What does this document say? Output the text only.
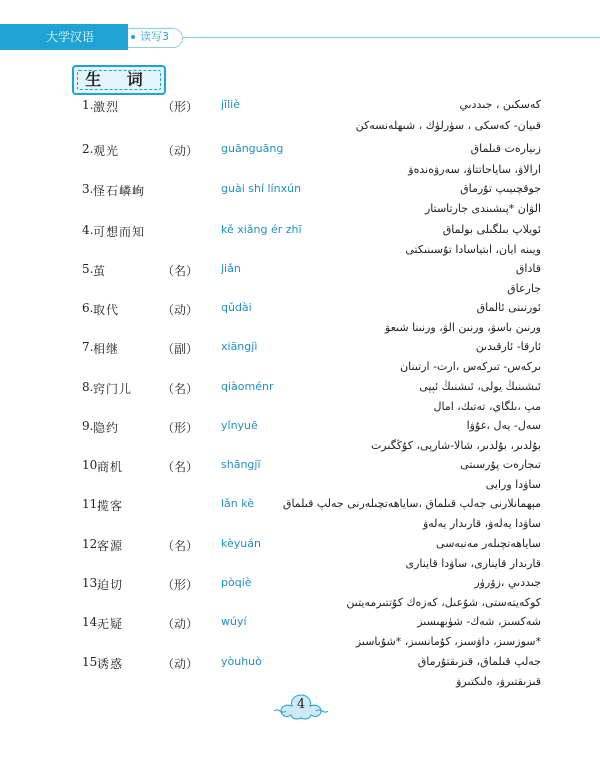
大学汉语	读写3
生 词
1. 激烈	（形） jīliè	كەسكىن ، جىددىي
قىيان- كەسكى ، سۈرلۈك ، شىھلەنسەكن
2. 观光	（动） guānguāng	زىيارەت قىلماق
ارالاۋ، ساياحاتتاۋ، سەرۋەندەۋ
3. 怪石嶙峋	guài shí línxún	جوقچىيىپ تۇرماق
الۋان *پىشىندى جارتاستار
4. 可想而知	kě xiǎng ér zhī	ئويلاپ بىلگىلى بولماق
ويىنە ايان، ابتياسادا تۇسىنىكتى
5. 茧	（名） jiǎn	قاداق
جارعاق
6. 取代	（动） qǔdài	ئورنىنى ئالماق
ورنىن باسۋ، ورنىن الۋ، ورنىنا شىعۋ
7. 相继	（副） xiāngjì	ئارقا- ئارقىدىن
ىركەس- تىركەس ،ارت- ارتىنان
8. 窍门儿 （名） qiàoménr	ئىشىنىڭ يولى، ئىشنىڭ ئېپى
مپ ،ىلگاي، تەتىك، امال
9. 隐约	（形） yǐnyuē	سەل- يەل ،غۇۋا
بۇلدىر، بۇلدىر، شالا-شارپى، كۇڭگىرت
10.
商机	（名） shāngjī	تىجارەت پۇرسىتى
ساۋدا ورايى
11.
揽客	lǎn kè	مېھمانلارنى جەلپ قىلماق ،ساياھەتچىلەرنى جەلپ قىلماق
ساۋدا يەلەۋ، قارىدار يەلەۋ
12.
客源	（名） kèyuán	ساياھەتچىلەر مەنبەسى
قارىدار قاينارى، ساۋدا قاينارى
13.
迫切	（形） pòqiè	جىددىي ،زۆرۈر
كوكەيتەستى، شۇعىل، كەزەك كۇتتىرمەيتىن
14.
无疑	（动） wúyí	شەكسىز، شەك- شۈبھىسىز
*سوزسىز، داۋسىز، كۇمانسىز، *شۇباسىز
15.
诱惑	（动） yòuhuò	جەلپ قىلماق، قىزىقتۇرماق
قىزىقتىرۋ، ەلىكتىرۋ
4
